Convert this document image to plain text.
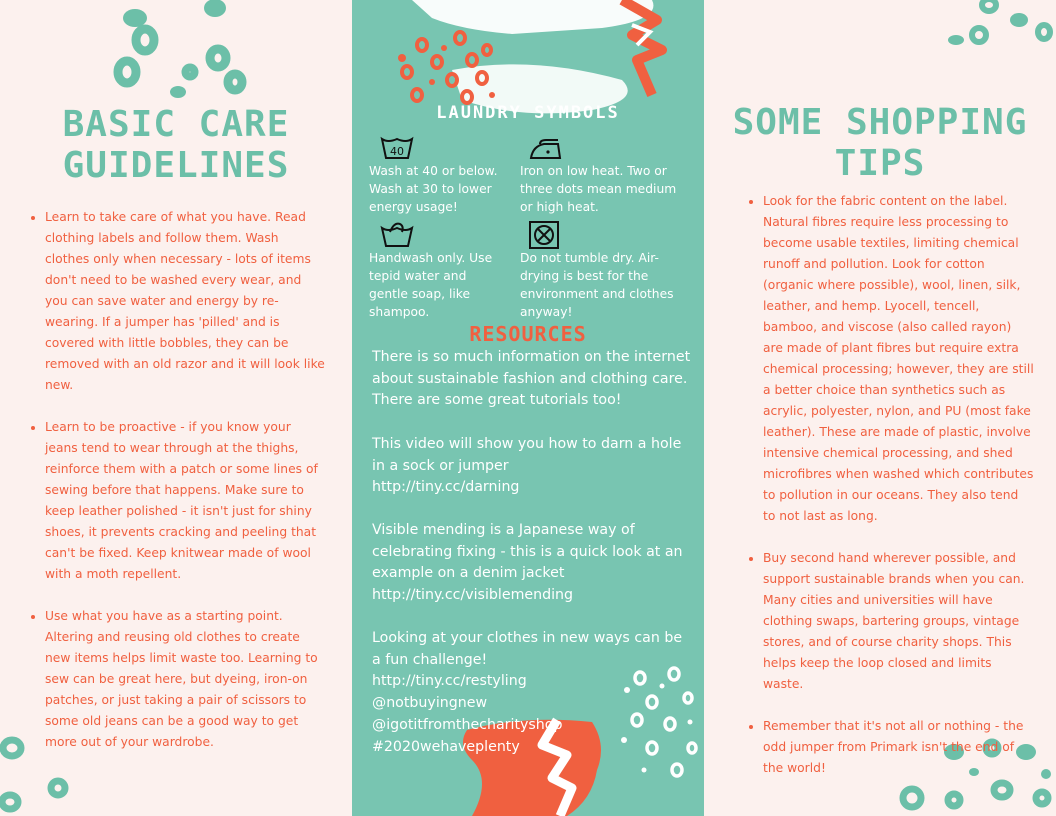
BASIC CARE
GUIDELINES
Learn to take care of what you have. Read clothing labels and follow them. Wash clothes only when necessary - lots of items don't need to be washed every wear, and you can save water and energy by re-wearing. If a jumper has 'pilled' and is covered with little bobbles, they can be removed with an old razor and it will look like new.
Learn to be proactive - if you know your jeans tend to wear through at the thighs, reinforce them with a patch or some lines of sewing before that happens. Make sure to keep leather polished - it isn't just for shiny shoes, it prevents cracking and peeling that can't be fixed. Keep knitwear made of wool with a moth repellent.
Use what you have as a starting point. Altering and reusing old clothes to create new items helps limit waste too. Learning to sew can be great here, but dyeing, iron-on patches, or just taking a pair of scissors to some old jeans can be a good way to get more out of your wardrobe.
LAUNDRY SYMBOLS
40

Wash at 40 or below. Wash at 30 to lower energy usage!

Iron on low heat. Two or three dots mean medium or high heat.

Handwash only. Use tepid water and gentle soap, like shampoo.

Do not tumble dry. Air-drying is best for the environment and clothes anyway!

RESOURCES

There is so much information on the internet about sustainable fashion and clothing care. There are some great tutorials too!

This video will show you how to darn a hole in a sock or jumper
http://tiny.cc/darning

Visible mending is a Japanese way of celebrating fixing - this is a quick look at an example on a denim jacket
http://tiny.cc/visiblemending

Looking at your clothes in new ways can be a fun challenge!
http://tiny.cc/restyling
@notbuyingnew
@igotitfromthecharityshop
#2020wehaveplenty

SOME SHOPPING
TIPS
Look for the fabric content on the label. Natural fibres require less processing to become usable textiles, limiting chemical runoff and pollution. Look for cotton (organic where possible), wool, linen, silk, leather, and hemp. Lyocell, tencell, bamboo, and viscose (also called rayon) are made of plant fibres but require extra chemical processing; however, they are still a better choice than synthetics such as acrylic, polyester, nylon, and PU (most fake leather). These are made of plastic, involve intensive chemical processing, and shed microfibres when washed which contributes to pollution in our oceans. They also tend to not last as long.
Buy second hand wherever possible, and support sustainable brands when you can. Many cities and universities will have clothing swaps, bartering groups, vintage stores, and of course charity shops. This helps keep the loop closed and limits waste.
Remember that it's not all or nothing - the odd jumper from Primark isn't the end of the world!
